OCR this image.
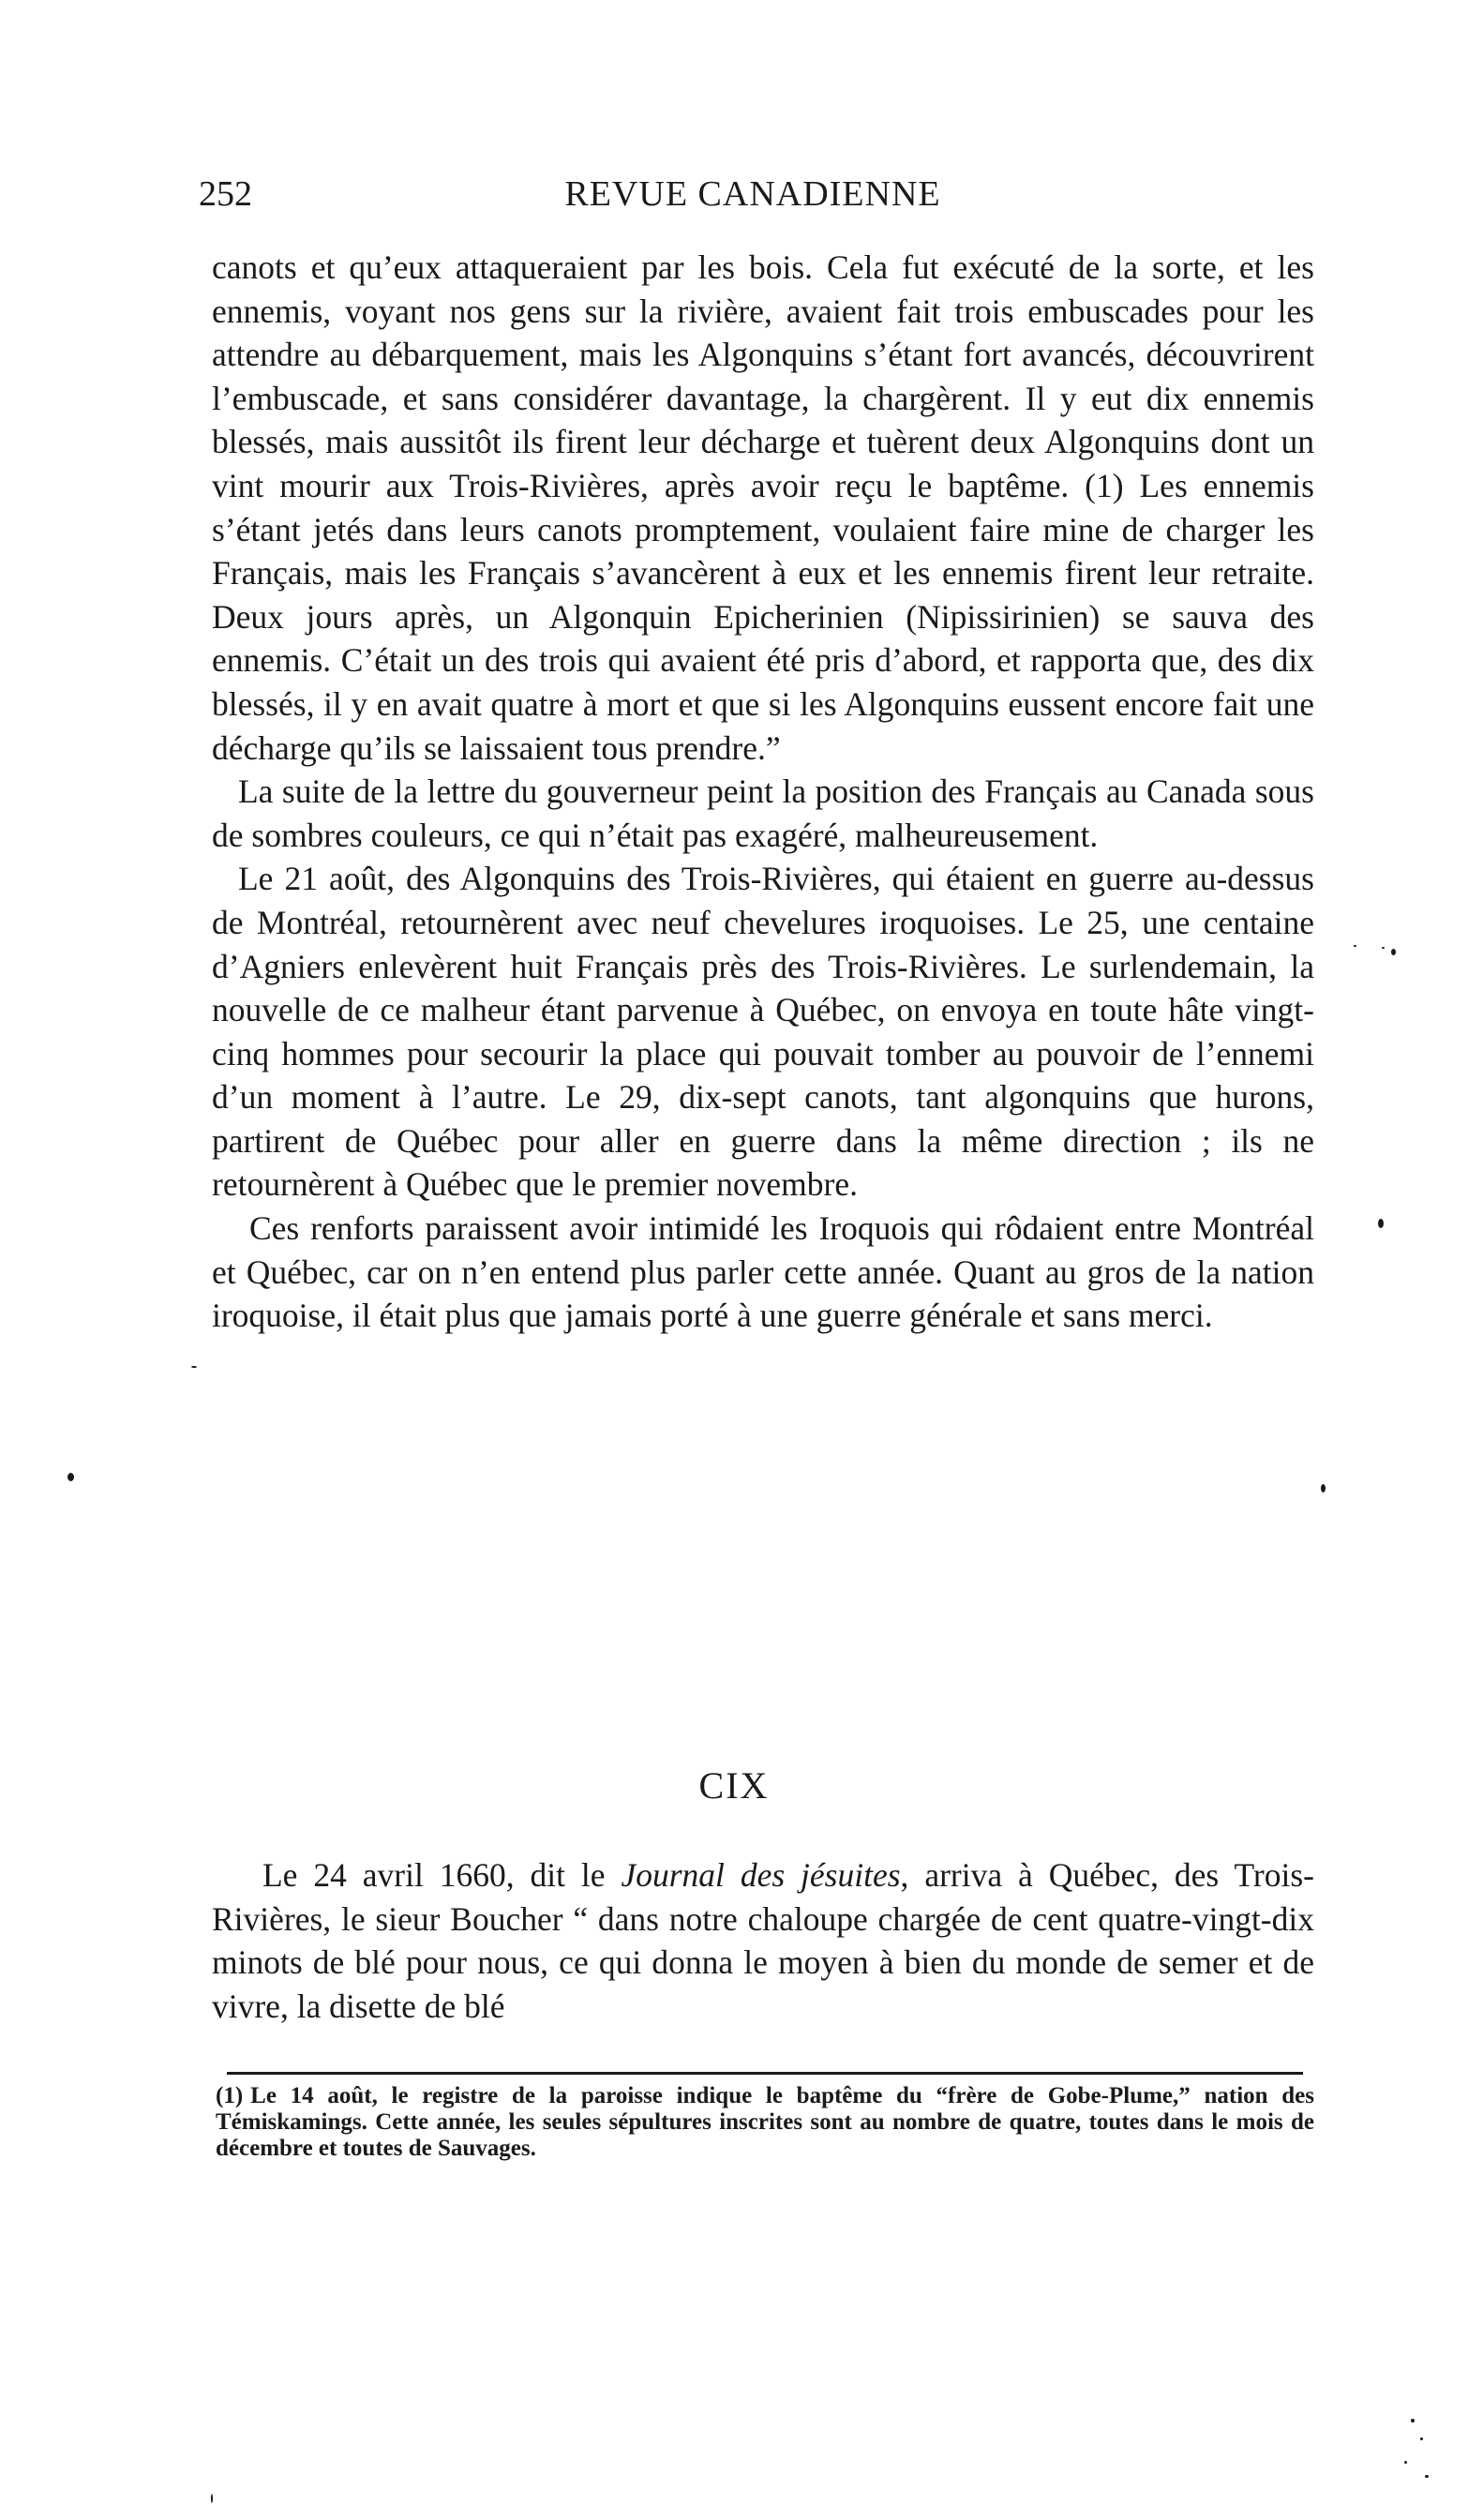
252	REVUE CANADIENNE

canots et qu’eux attaqueraient par les bois. Cela fut exécuté de la sorte, et les ennemis, voyant nos gens sur la rivière, avaient fait trois embuscades pour les attendre au débarquement, mais les Algonquins s’étant fort avancés, découvrirent l’embuscade, et sans considérer davantage, la chargèrent. Il y eut dix ennemis blessés, mais aussitôt ils firent leur décharge et tuèrent deux Algonquins dont un vint mourir aux Trois-Rivières, après avoir reçu le baptême. (1) Les ennemis s’étant jetés dans leurs canots promptement, voulaient faire mine de charger les Français, mais les Français s’avancèrent à eux et les ennemis firent leur retraite. Deux jours après, un Algonquin Epicherinien (Nipissirinien) se sauva des ennemis. C’était un des trois qui avaient été pris d’abord, et rapporta que, des dix blessés, il y en avait quatre à mort et que si les Algonquins eussent encore fait une décharge qu’ils se laissaient tous prendre.”

La suite de la lettre du gouverneur peint la position des Français au Canada sous de sombres couleurs, ce qui n’était pas exagéré, malheureusement.

Le 21 août, des Algonquins des Trois-Rivières, qui étaient en guerre au-dessus de Montréal, retournèrent avec neuf chevelures iroquoises. Le 25, une centaine d’Agniers enlevèrent huit Français près des Trois-Rivières. Le surlendemain, la nouvelle de ce malheur étant parvenue à Québec, on envoya en toute hâte vingt-cinq hommes pour secourir la place qui pouvait tomber au pouvoir de l’ennemi d’un moment à l’autre. Le 29, dix-sept canots, tant algonquins que hurons, partirent de Québec pour aller en guerre dans la même direction ; ils ne retournèrent à Québec que le premier novembre.

Ces renforts paraissent avoir intimidé les Iroquois qui rôdaient entre Montréal et Québec, car on n’en entend plus parler cette année. Quant au gros de la nation iroquoise, il était plus que jamais porté à une guerre générale et sans merci.

CIX

Le 24 avril 1660, dit le Journal des jésuites, arriva à Québec, des Trois-Rivières, le sieur Boucher “ dans notre chaloupe chargée de cent quatre-vingt-dix minots de blé pour nous, ce qui donna le moyen à bien du monde de semer et de vivre, la disette de blé

(1) Le 14 août, le registre de la paroisse indique le baptême du “frère de Gobe-Plume,” nation des Témiskamings. Cette année, les seules sépultures inscrites sont au nombre de quatre, toutes dans le mois de décembre et toutes de Sauvages.
